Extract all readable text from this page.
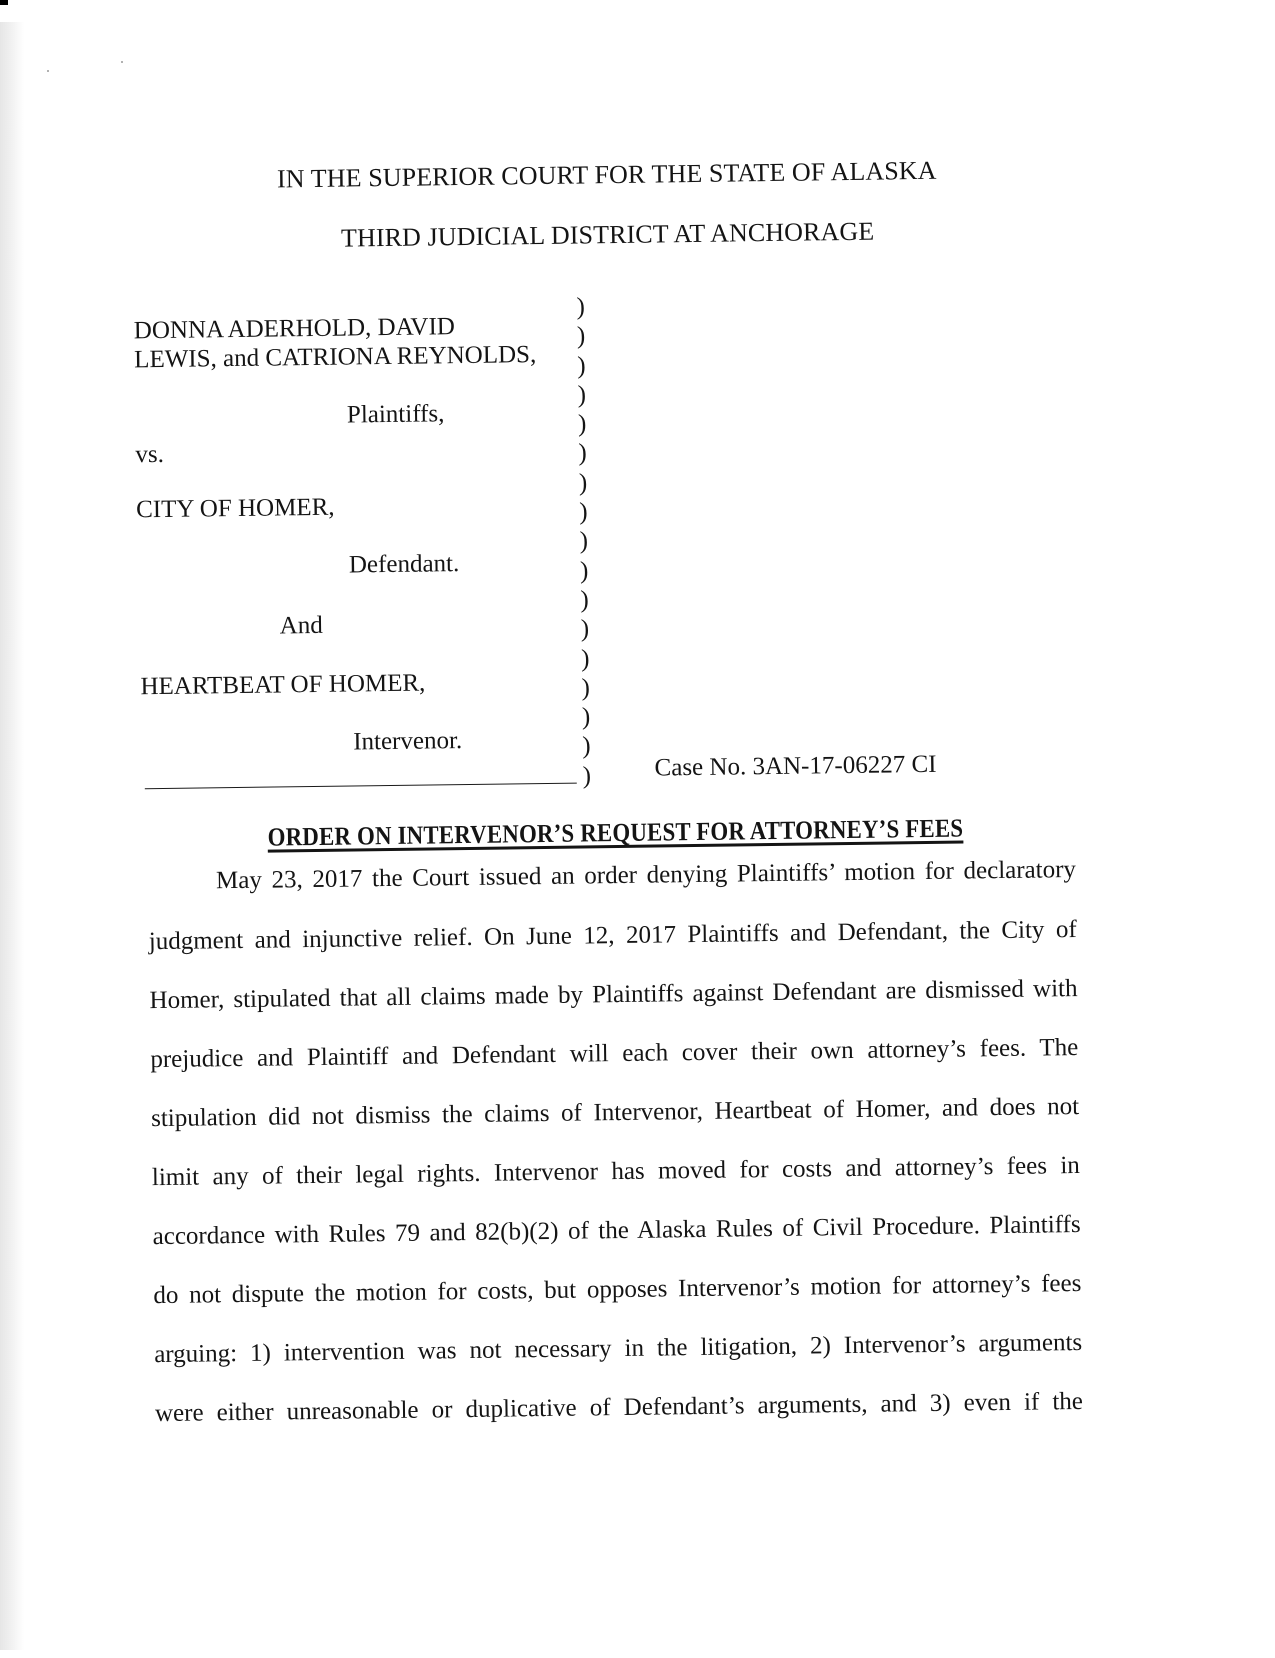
IN THE SUPERIOR COURT FOR THE STATE OF ALASKA
THIRD JUDICIAL DISTRICT AT ANCHORAGE
DONNA ADERHOLD, DAVID
LEWIS, and CATRIONA REYNOLDS,
Plaintiffs,
vs.
CITY OF HOMER,
Defendant.
And
HEARTBEAT OF HOMER,
Intervenor.
)
)
)
)
)
)
)
)
)
)
)
)
)
)
)
)
)	Case No. 3AN-17-06227 CI
ORDER ON INTERVENOR’S REQUEST FOR ATTORNEY’S FEES
May 23, 2017 the Court issued an order denying Plaintiffs’ motion for declaratory
judgment and injunctive relief. On June 12, 2017 Plaintiffs and Defendant, the City of
Homer, stipulated that all claims made by Plaintiffs against Defendant are dismissed with
prejudice and Plaintiff and Defendant will each cover their own attorney’s fees. The
stipulation did not dismiss the claims of Intervenor, Heartbeat of Homer, and does not
limit any of their legal rights. Intervenor has moved for costs and attorney’s fees in
accordance with Rules 79 and 82(b)(2) of the Alaska Rules of Civil Procedure. Plaintiffs
do not dispute the motion for costs, but opposes Intervenor’s motion for attorney’s fees
arguing: 1) intervention was not necessary in the litigation, 2) Intervenor’s arguments
were either unreasonable or duplicative of Defendant’s arguments, and 3) even if the
